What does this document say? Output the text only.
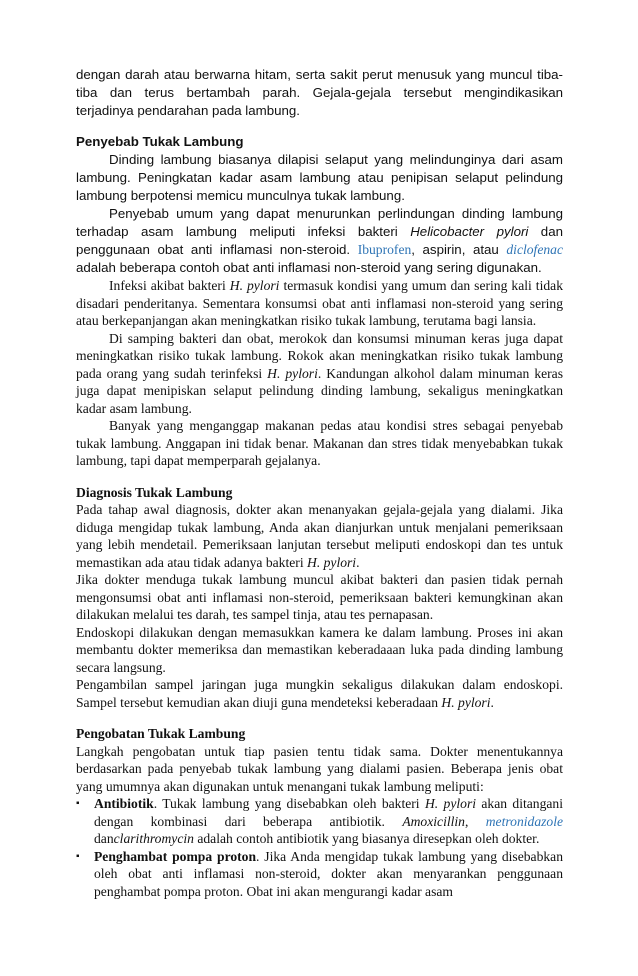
dengan darah atau berwarna hitam, serta sakit perut menusuk yang muncul tiba-tiba dan terus bertambah parah. Gejala-gejala tersebut mengindikasikan terjadinya pendarahan pada lambung.

Penyebab Tukak Lambung

Dinding lambung biasanya dilapisi selaput yang melindunginya dari asam lambung. Peningkatan kadar asam lambung atau penipisan selaput pelindung lambung berpotensi memicu munculnya tukak lambung.

Penyebab umum yang dapat menurunkan perlindungan dinding lambung terhadap asam lambung meliputi infeksi bakteri Helicobacter pylori dan penggunaan obat anti inflamasi non-steroid. Ibuprofen, aspirin, atau diclofenac adalah beberapa contoh obat anti inflamasi non-steroid yang sering digunakan.

Infeksi akibat bakteri H. pylori termasuk kondisi yang umum dan sering kali tidak disadari penderitanya. Sementara konsumsi obat anti inflamasi non-steroid yang sering atau berkepanjangan akan meningkatkan risiko tukak lambung, terutama bagi lansia.

Di samping bakteri dan obat, merokok dan konsumsi minuman keras juga dapat meningkatkan risiko tukak lambung. Rokok akan meningkatkan risiko tukak lambung pada orang yang sudah terinfeksi H. pylori. Kandungan alkohol dalam minuman keras juga dapat menipiskan selaput pelindung dinding lambung, sekaligus meningkatkan kadar asam lambung.

Banyak yang menganggap makanan pedas atau kondisi stres sebagai penyebab tukak lambung. Anggapan ini tidak benar. Makanan dan stres tidak menyebabkan tukak lambung, tapi dapat memperparah gejalanya.

Diagnosis Tukak Lambung

Pada tahap awal diagnosis, dokter akan menanyakan gejala-gejala yang dialami. Jika diduga mengidap tukak lambung, Anda akan dianjurkan untuk menjalani pemeriksaan yang lebih mendetail. Pemeriksaan lanjutan tersebut meliputi endoskopi dan tes untuk memastikan ada atau tidak adanya bakteri H. pylori.

Jika dokter menduga tukak lambung muncul akibat bakteri dan pasien tidak pernah mengonsumsi obat anti inflamasi non-steroid, pemeriksaan bakteri kemungkinan akan dilakukan melalui tes darah, tes sampel tinja, atau tes pernapasan.

Endoskopi dilakukan dengan memasukkan kamera ke dalam lambung. Proses ini akan membantu dokter memeriksa dan memastikan keberadaaan luka pada dinding lambung secara langsung.

Pengambilan sampel jaringan juga mungkin sekaligus dilakukan dalam endoskopi. Sampel tersebut kemudian akan diuji guna mendeteksi keberadaan H. pylori.

Pengobatan Tukak Lambung

Langkah pengobatan untuk tiap pasien tentu tidak sama. Dokter menentukannya berdasarkan pada penyebab tukak lambung yang dialami pasien. Beberapa jenis obat yang umumnya akan digunakan untuk menangani tukak lambung meliputi:

▪ Antibiotik. Tukak lambung yang disebabkan oleh bakteri H. pylori akan ditangani dengan kombinasi dari beberapa antibiotik. Amoxicillin, metronidazole danclarithromycin adalah contoh antibiotik yang biasanya diresepkan oleh dokter.
▪ Penghambat pompa proton. Jika Anda mengidap tukak lambung yang disebabkan oleh obat anti inflamasi non-steroid, dokter akan menyarankan penggunaan penghambat pompa proton. Obat ini akan mengurangi kadar asam
